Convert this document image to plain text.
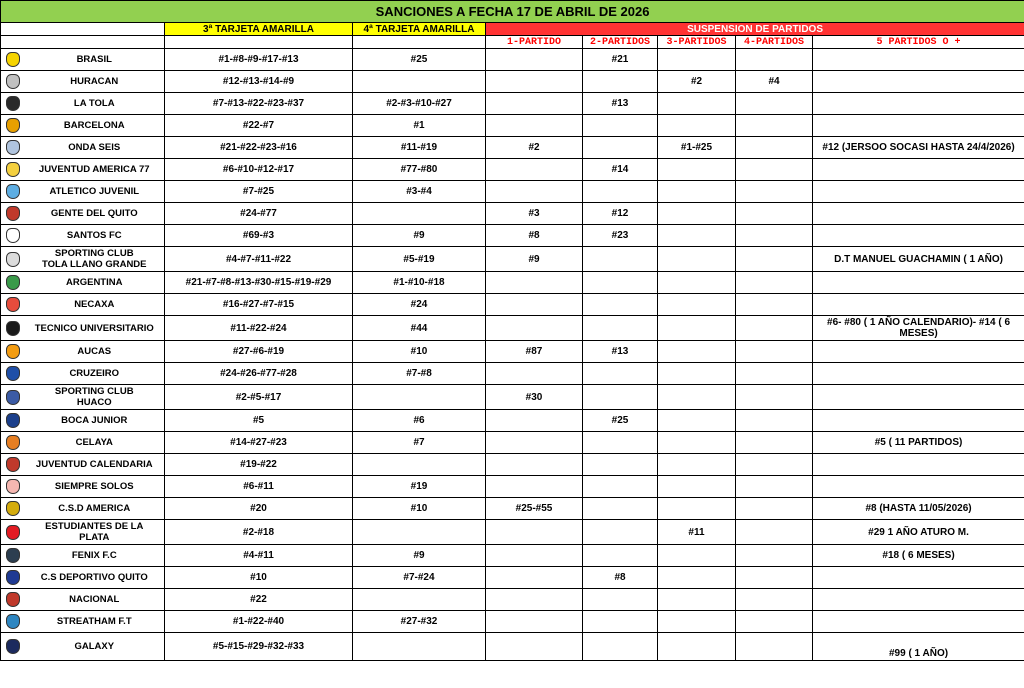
SANCIONES A FECHA 17 DE ABRIL DE 2026								
		3ª TARJETA AMARILLA	4ª TARJETA AMARILLA	SUSPENSION DE PARTIDOS				
				1-PARTIDO	2-PARTIDOS	3-PARTIDOS	4-PARTIDOS	5 PARTIDOS O +
	BRASIL	#1-#8-#9-#17-#13	#25		#21			
	HURACAN	#12-#13-#14-#9				#2	#4	
	LA TOLA	#7-#13-#22-#23-#37	#2-#3-#10-#27		#13			
	BARCELONA	#22-#7	#1					
	ONDA SEIS	#21-#22-#23-#16	#11-#19	#2		#1-#25		#12 (JERSOO SOCASI HASTA 24/4/2026)
	JUVENTUD AMERICA 77	#6-#10-#12-#17	#77-#80		#14			
	ATLETICO JUVENIL	#7-#25	#3-#4					
	GENTE DEL QUITO	#24-#77		#3	#12			
	SANTOS FC	#69-#3	#9	#8	#23			

	SPORTING CLUB
TOLA LLANO GRANDE	#4-#7-#11-#22	#5-#19	#9				D.T MANUEL GUACHAMIN ( 1 AÑO)
	ARGENTINA	#21-#7-#8-#13-#30-#15-#19-#29	#1-#10-#18					
	NECAXA	#16-#27-#7-#15	#24					
	TECNICO UNIVERSITARIO	#11-#22-#24	#44					#6- #80 ( 1 AÑO CALENDARIO)- #14 ( 6
MESES)

	AUCAS	#27-#6-#19	#10	#87	#13			
	CRUZEIRO	#24-#26-#77-#28	#7-#8					

	SPORTING CLUB
HUACO	#2-#5-#17		#30				
	BOCA JUNIOR	#5	#6		#25			
	CELAYA	#14-#27-#23	#7					#5 ( 11 PARTIDOS)
	JUVENTUD CALENDARIA	#19-#22						
	SIEMPRE SOLOS	#6-#11	#19					
	C.S.D AMERICA	#20	#10	#25-#55				#8 (HASTA 11/05/2026)

	ESTUDIANTES DE LA
PLATA	#2-#18				#11		#29 1 AÑO ATURO M.
	FENIX F.C	#4-#11	#9					#18 ( 6 MESES)
	C.S DEPORTIVO QUITO	#10	#7-#24		#8			
	NACIONAL	#22						
	STREATHAM F.T	#1-#22-#40	#27-#32					
	GALAXY	#5-#15-#29-#32-#33						#99 ( 1 AÑO)
